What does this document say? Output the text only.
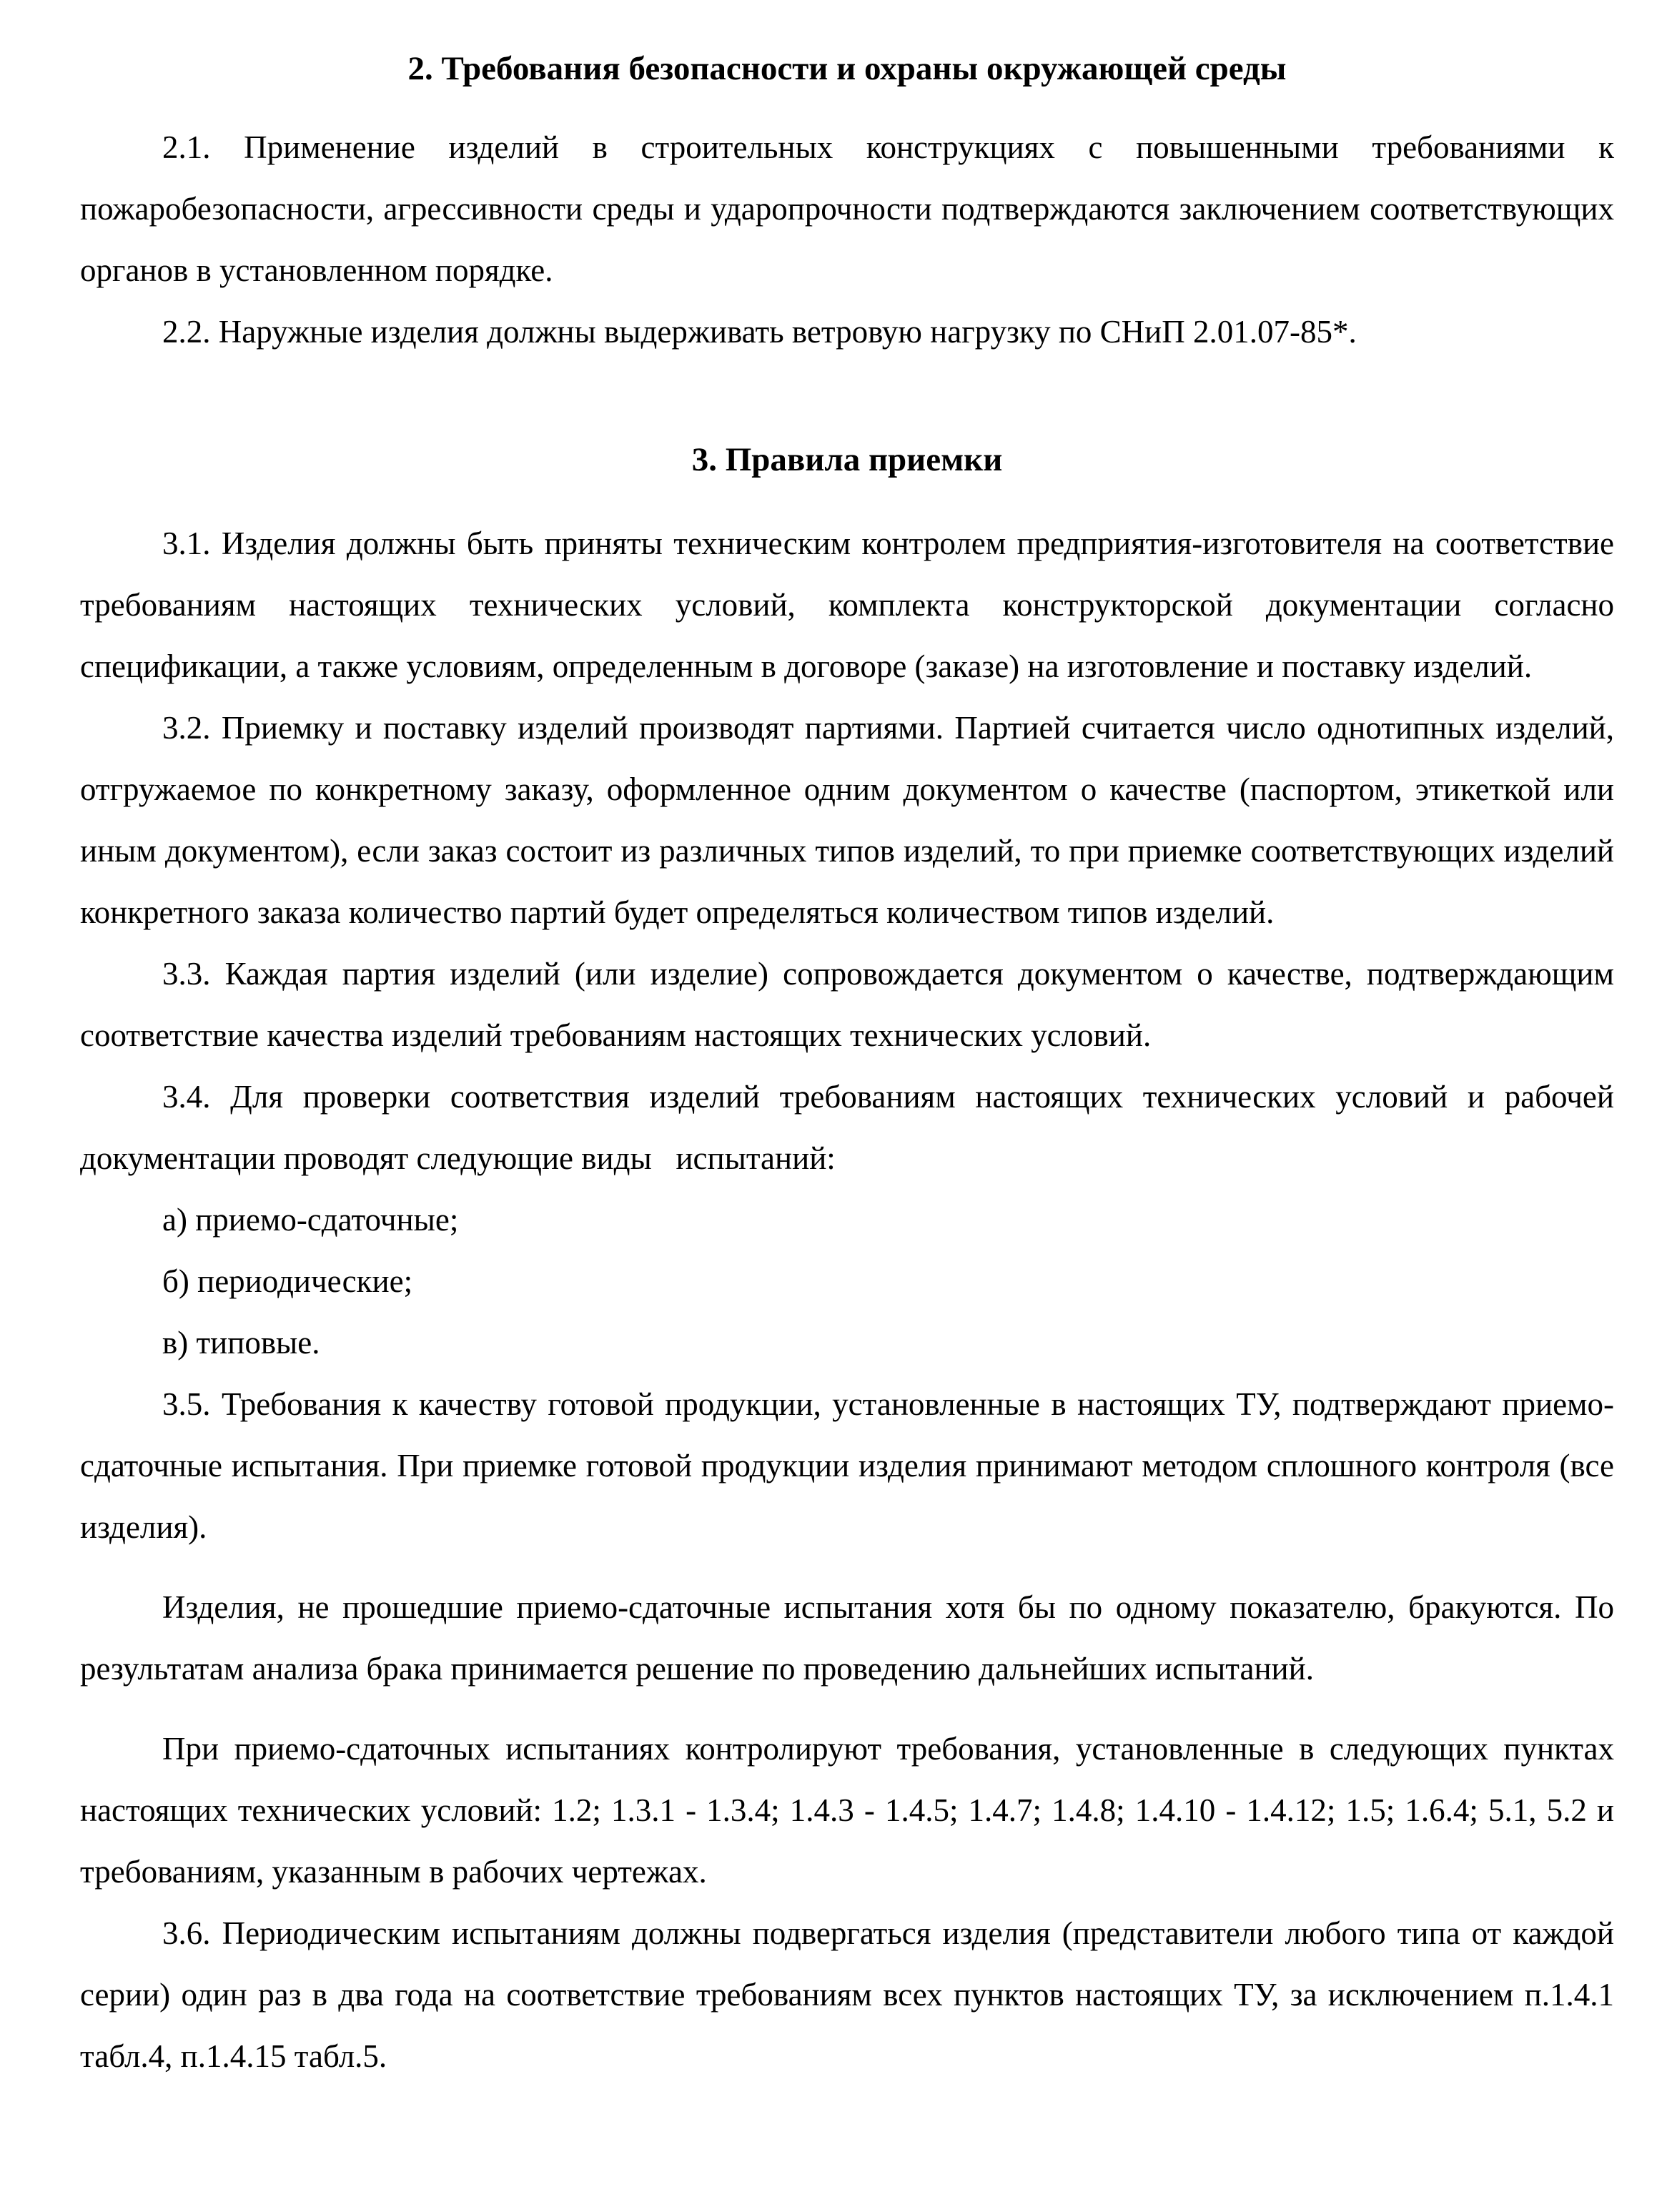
2. Требования безопасности и охраны окружающей среды

2.1. Применение изделий в строительных конструкциях с повышенными требованиями к пожаробезопасности, агрессивности среды и ударопрочности подтверждаются заключением соответствующих органов в установленном порядке.

2.2. Наружные изделия должны выдерживать ветровую нагрузку по СНиП 2.01.07-85*.

3. Правила приемки

3.1. Изделия должны быть приняты техническим контролем предприятия-изготовителя на соответствие требованиям настоящих технических условий, комплекта конструкторской документации согласно спецификации, а также условиям, определенным в договоре (заказе) на изготовление и поставку изделий.

3.2. Приемку и поставку изделий производят партиями. Партией считается число однотипных изделий, отгружаемое по конкретному заказу, оформленное одним документом о качестве (паспортом, этикеткой или иным документом), если заказ состоит из различных типов изделий, то при приемке соответствующих изделий конкретного заказа количество партий будет определяться количеством типов изделий.

3.3. Каждая партия изделий (или изделие) сопровождается документом о качестве, подтверждающим соответствие качества изделий требованиям настоящих технических условий.

3.4. Для проверки соответствия изделий требованиям настоящих технических условий и рабочей документации проводят следующие виды   испытаний:

а) приемо-сдаточные;

б) периодические;

в) типовые.

3.5. Требования к качеству готовой продукции, установленные в настоящих ТУ, подтверждают приемо-сдаточные испытания. При приемке готовой продукции изделия принимают методом сплошного контроля (все изделия).

Изделия, не прошедшие приемо-сдаточные испытания хотя бы по одному показателю, бракуются. По результатам анализа брака принимается решение по проведению дальнейших испытаний.

При приемо-сдаточных испытаниях контролируют требования, установленные в следующих пунктах настоящих технических условий: 1.2; 1.3.1 - 1.3.4; 1.4.3 - 1.4.5; 1.4.7; 1.4.8; 1.4.10 - 1.4.12; 1.5; 1.6.4; 5.1, 5.2 и требованиям, указанным в рабочих чертежах.

3.6. Периодическим испытаниям должны подвергаться изделия (представители любого типа от каждой серии) один раз в два года на соответствие требованиям всех пунктов настоящих ТУ, за исключением п.1.4.1 табл.4, п.1.4.15 табл.5.
